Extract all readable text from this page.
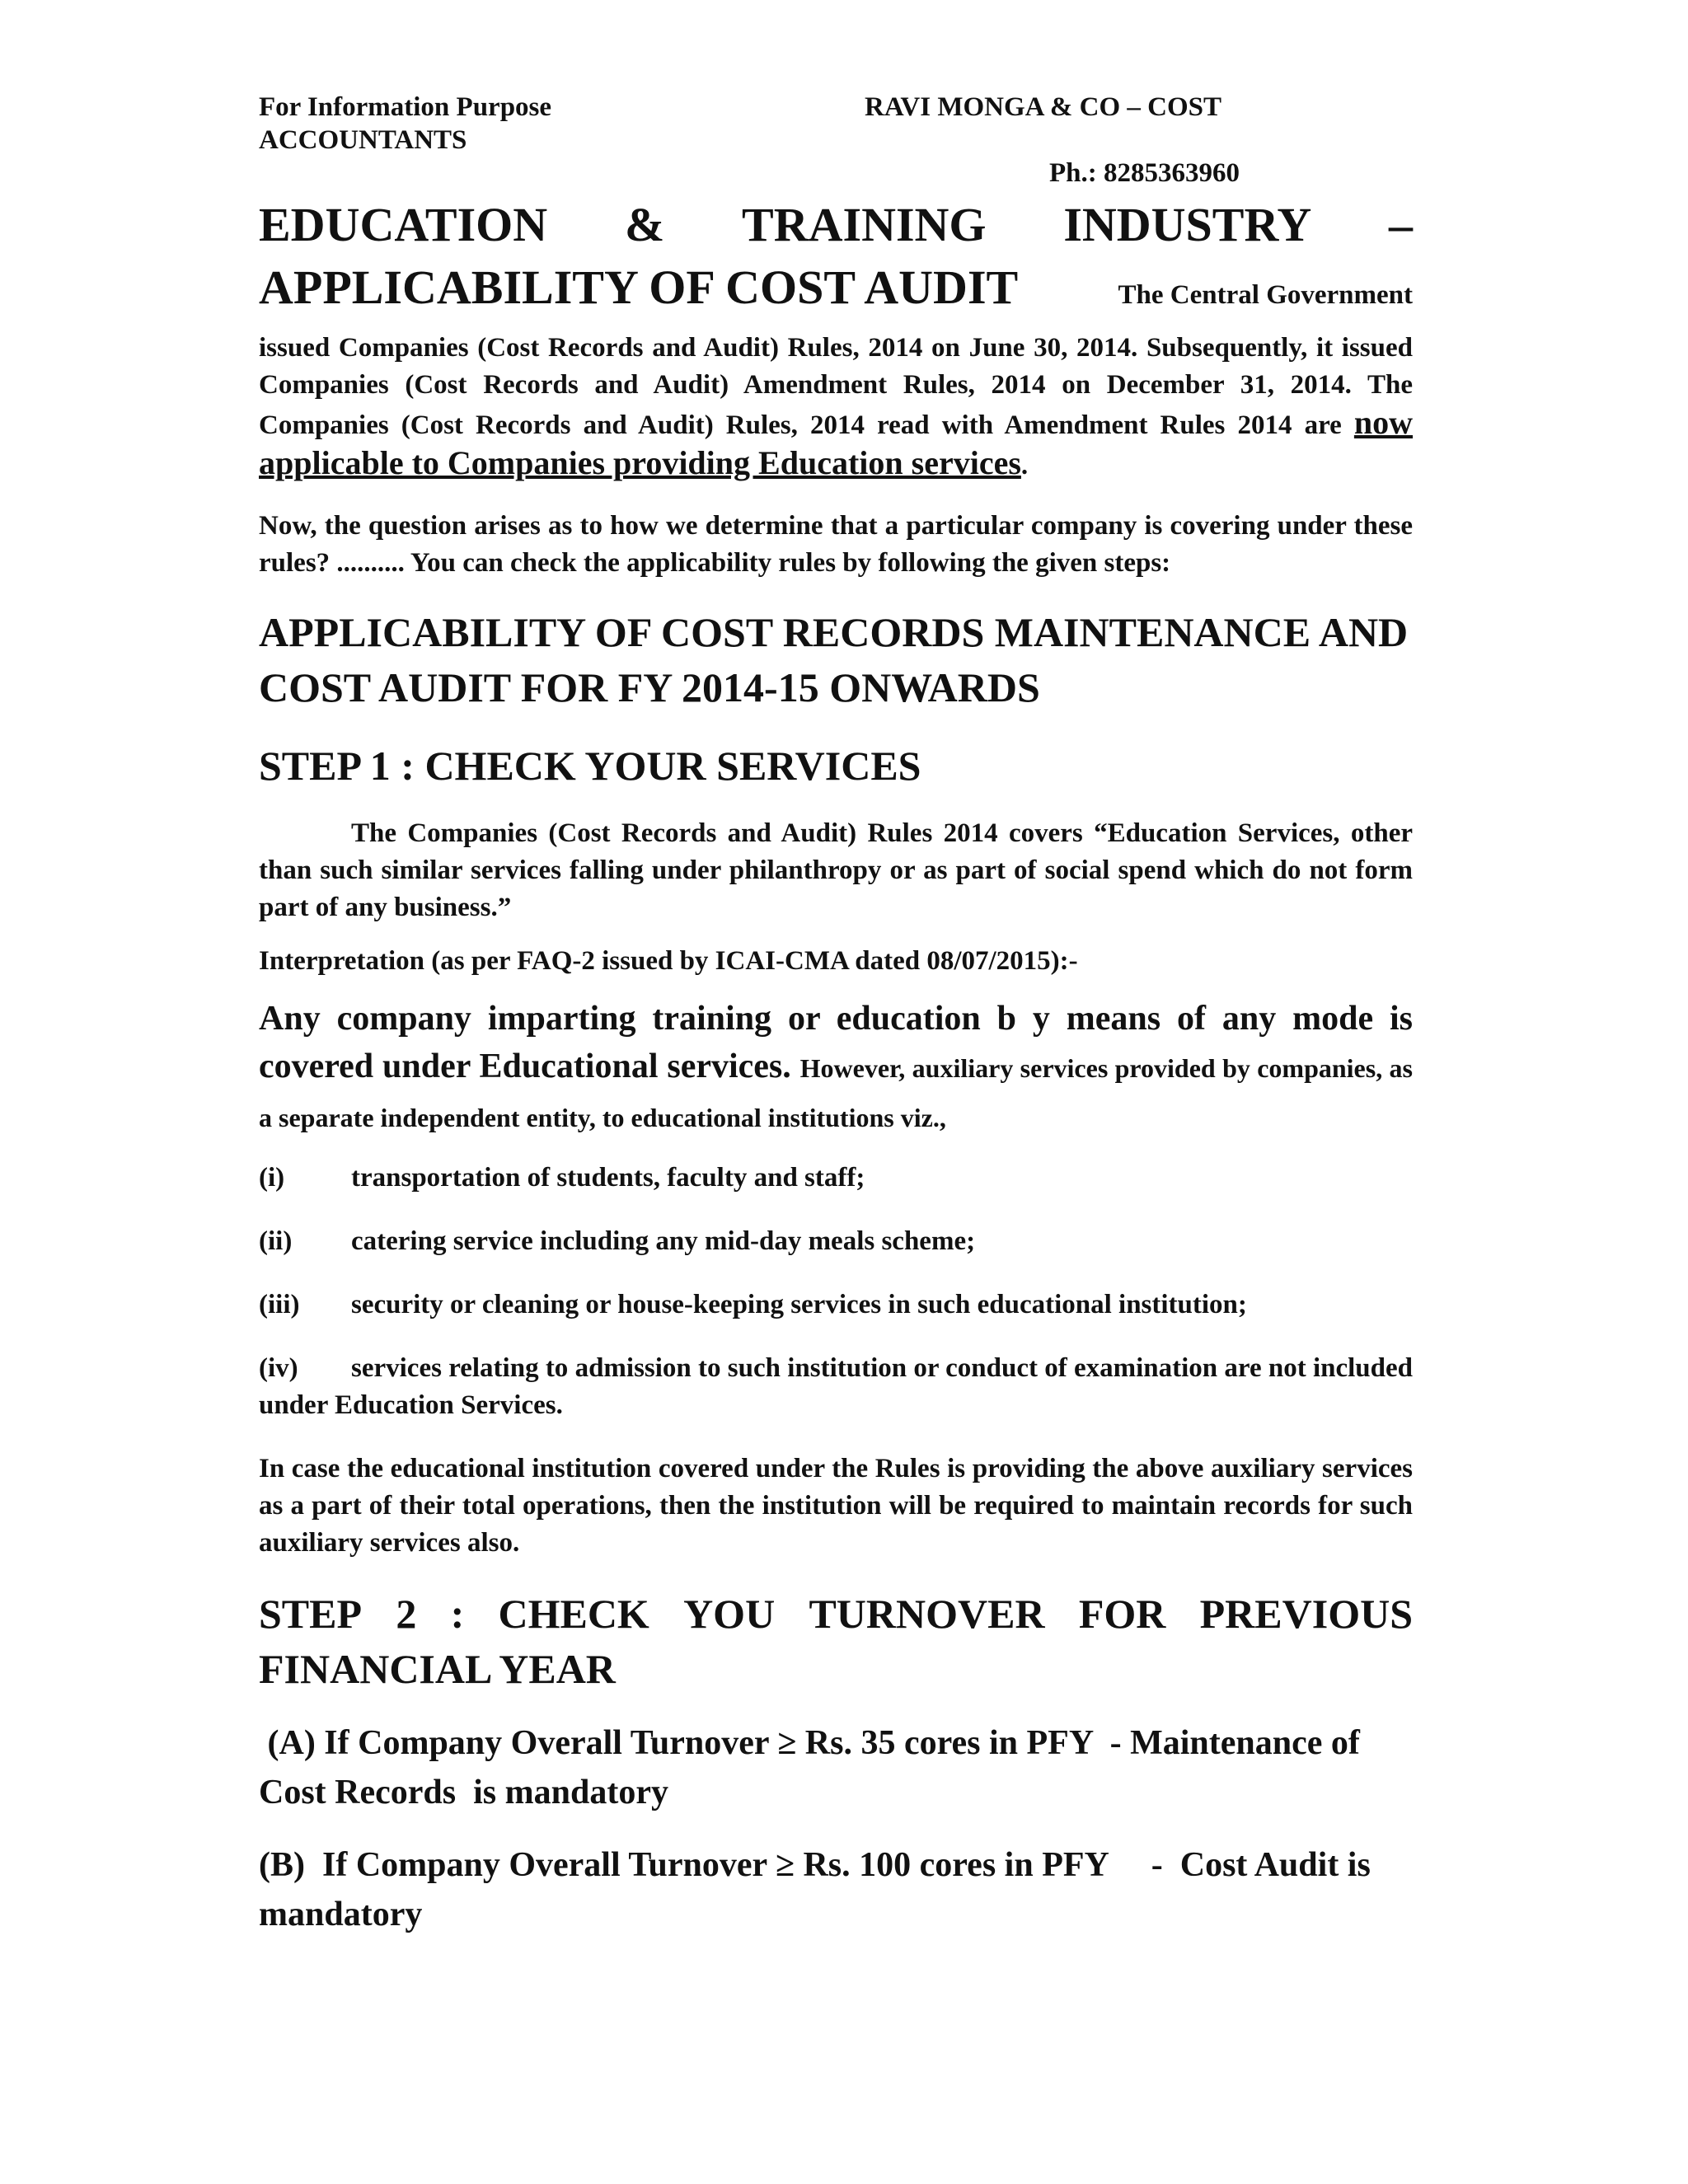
For Information Purpose
ACCOUNTANTS
RAVI MONGA & CO – COST
Ph.: 8285363960
EDUCATION & TRAINING INDUSTRY –
APPLICABILITY OF COST AUDIT	The Central Government

issued Companies (Cost Records and Audit) Rules, 2014 on June 30, 2014. Subsequently, it issued Companies (Cost Records and Audit) Amendment Rules, 2014 on December 31, 2014. The Companies (Cost Records and Audit) Rules, 2014 read with Amendment Rules 2014 are now applicable to Companies providing Education services.

Now, the question arises as to how we determine that a particular company is covering under these rules? .......... You can check the applicability rules by following the given steps:

APPLICABILITY OF COST RECORDS MAINTENANCE AND COST AUDIT FOR FY 2014-15 ONWARDS

STEP 1 : CHECK YOUR SERVICES

The Companies (Cost Records and Audit) Rules 2014 covers “Education Services, other than such similar services falling under philanthropy or as part of social spend which do not form part of any business.”

Interpretation (as per FAQ-2 issued by ICAI-CMA dated 08/07/2015):-

Any company imparting training or education b y means of any mode is covered under Educational services. However, auxiliary services provided by companies, as a separate independent entity, to educational institutions viz.,

(i)	transportation of students, faculty and staff;

(ii)	catering service including any mid-day meals scheme;

(iii)	security or cleaning or house-keeping services in such educational institution;

(iv) services relating to admission to such institution or conduct of examination are not included under Education Services.

In case the educational institution covered under the Rules is providing the above auxiliary services as a part of their total operations, then the institution will be required to maintain records for such auxiliary services also.

STEP 2 : CHECK YOU TURNOVER FOR PREVIOUS
FINANCIAL YEAR

(A) If Company Overall Turnover ≥ Rs. 35 cores in PFY  - Maintenance of Cost Records  is mandatory

(B)  If Company Overall Turnover ≥ Rs. 100 cores in PFY     -  Cost Audit is mandatory
